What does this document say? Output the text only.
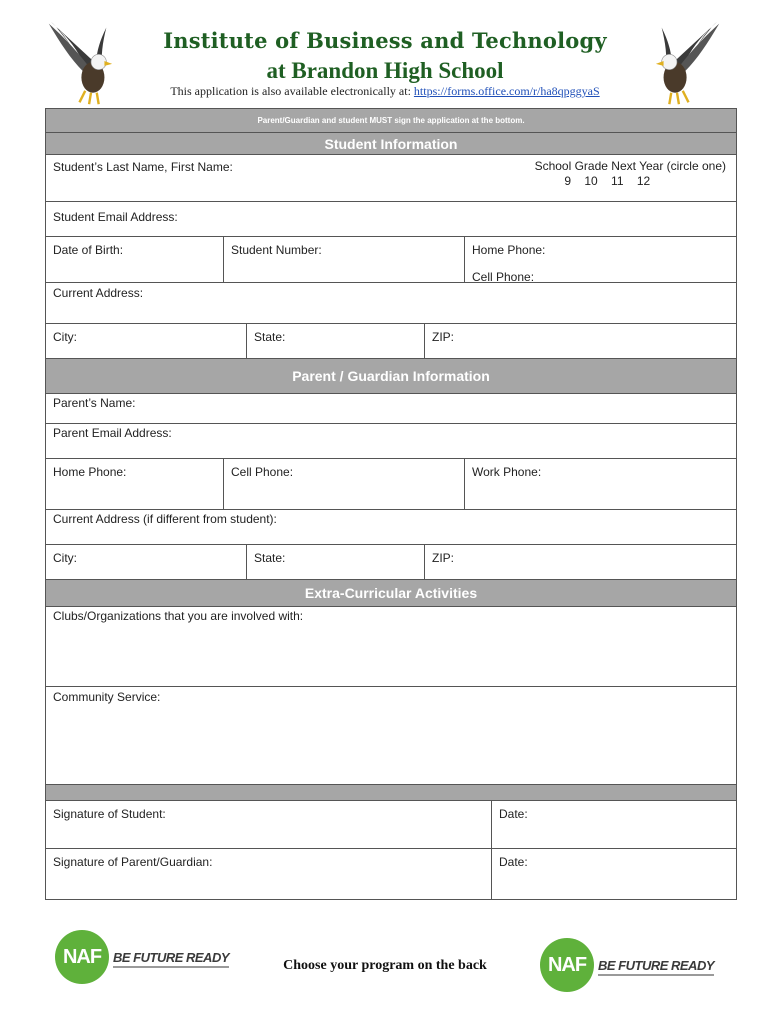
Institute of Business and Technology
at Brandon High School
This application is also available electronically at: https://forms.office.com/r/ha8qpggyaS
Parent/Guardian and student MUST sign the application at the bottom.
Student Information
Student’s Last Name, First Name:	School Grade Next Year (circle one)
9 10 11 12
Student Email Address:
Date of Birth:	Student Number:	Home Phone:
Cell Phone:
Current Address:
City:	State:	ZIP:
Parent / Guardian Information
Parent’s Name:
Parent Email Address:
Home Phone:	Cell Phone:	Work Phone:
Current Address (if different from student):
City:	State:	ZIP:
Extra-Curricular Activities
Clubs/Organizations that you are involved with:
Community Service:
Signature of Student:	Date:
Signature of Parent/Guardian:	Date:
NAF BE FUTURE READY
Choose your program on the back	NAF BE FUTURE READY
